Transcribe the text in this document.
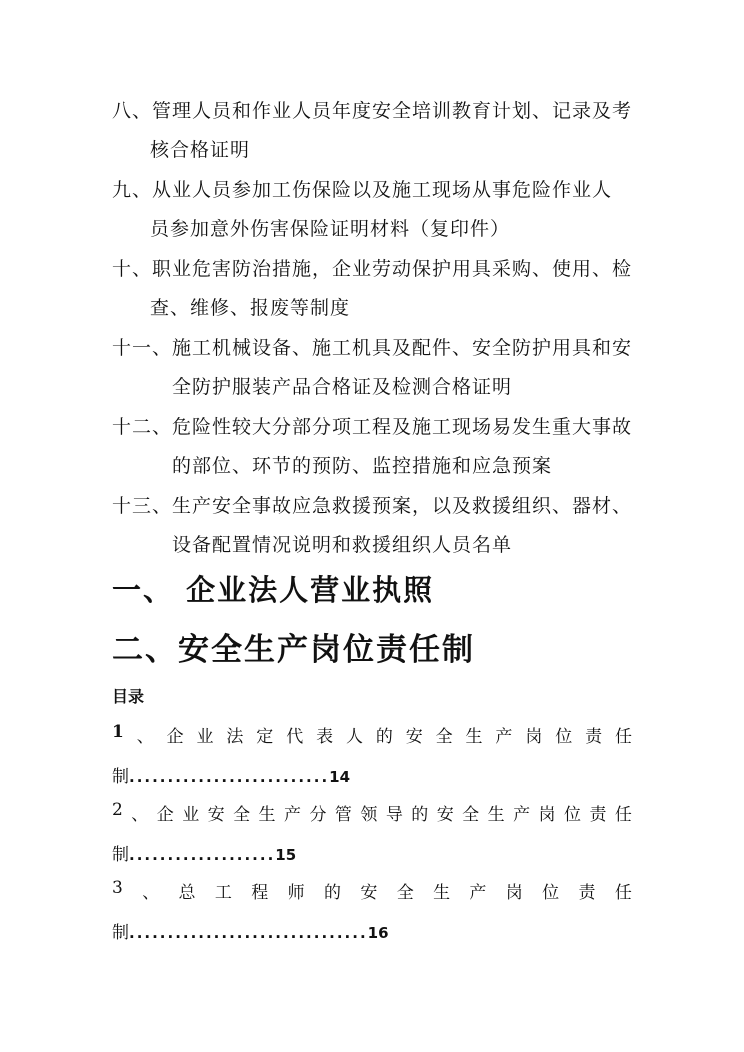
八、管理人员和作业人员年度安全培训教育计划、记录及考
核合格证明
九、从业人员参加工伤保险以及施工现场从事危险作业人
员参加意外伤害保险证明材料（复印件）
十、职业危害防治措施，企业劳动保护用具采购、使用、检
查、维修、报废等制度
十一、施工机械设备、施工机具及配件、安全防护用具和安
全防护服装产品合格证及检测合格证明
十二、危险性较大分部分项工程及施工现场易发生重大事故
的部位、环节的预防、监控措施和应急预案
十三、生产安全事故应急救援预案，以及救援组织、器材、
设备配置情况说明和救援组织人员名单
一、 企业法人营业执照
二、安全生产岗位责任制
目录
1 、 企 业 法 定 代 表 人 的 安 全 生 产 岗 位 责 任
制..........................14
2 、 企 业 安 全 生 产 分 管 领 导 的 安 全 生 产 岗 位 责 任
制...................15
3 、 总 工 程 师 的 安 全 生 产 岗 位 责 任
制...............................16
